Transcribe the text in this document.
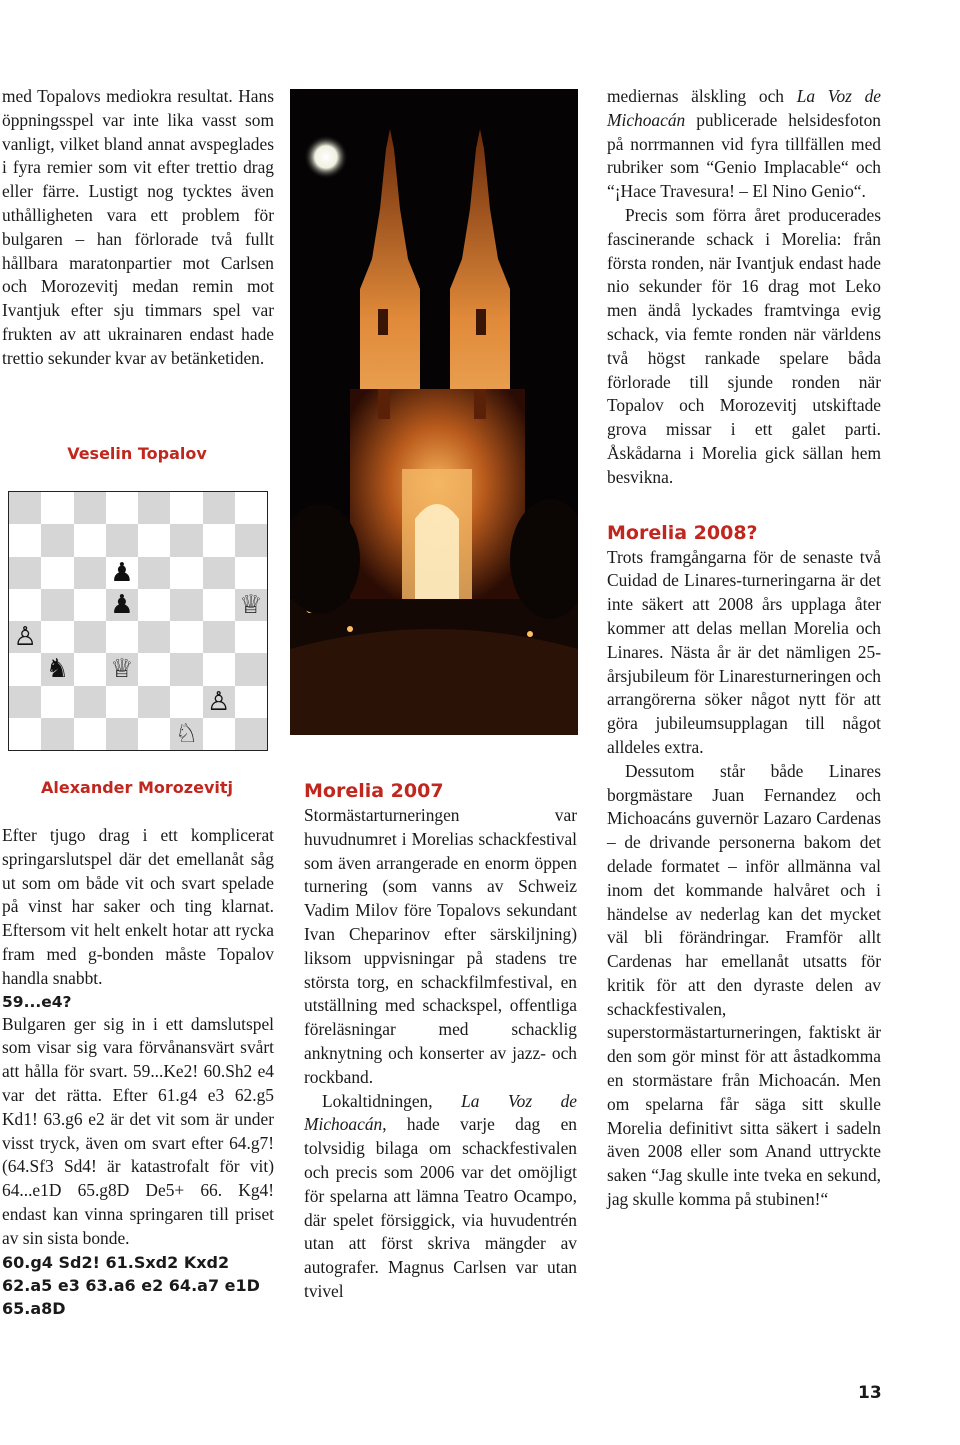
med Topalovs mediokra resultat. Hans öppningsspel var inte lika vasst som vanligt, vilket bland annat avspeglades i fyra remier som vit efter trettio drag eller färre. Lustigt nog tycktes även uthålligheten vara ett problem för bulgaren – han förlorade två fullt hållbara maratonpartier mot Carlsen och Morozevitj medan remin mot Ivantjuk efter sju timmars spel var frukten av att ukrainaren endast hade trettio sekunder kvar av betänketiden.

Veselin Topalov
♟
♟	♕
♙
♞ ♕
♙
♘
Alexander Morozevitj

Efter tjugo drag i ett komplicerat springarslutspel där det emellanåt såg ut som om både vit och svart spelade på vinst har saker och ting klarnat. Eftersom vit helt enkelt hotar att rycka fram med g-bonden måste Topalov handla snabbt.

59...e4?

Bulgaren ger sig in i ett damslutspel som visar sig vara förvånansvärt svårt att hålla för svart. 59...Ke2! 60.Sh2 e4 var det rätta. Efter 61.g4 e3 62.g5 Kd1! 63.g6 e2 är det vit som är under visst tryck, även om svart efter 64.g7! (64.Sf3 Sd4! är katastrofalt för vit) 64...e1D 65.g8D De5+ 66. Kg4! endast kan vinna springaren till priset av sin sista bonde.

60.g4 Sd2! 61.Sxd2 Kxd2 62.a5 e3 63.a6 e2 64.a7 e1D 65.a8D

Morelia 2007

Stormästarturneringen var huvudnumret i Morelias schackfestival som även arrangerade en enorm öppen turnering (som vanns av Schweiz Vadim Milov före Topalovs sekundant Ivan Cheparinov efter särskiljning) liksom uppvisningar på stadens tre största torg, en schackfilmfestival, en utställning med schackspel, offentliga föreläsningar med schacklig anknytning och konserter av jazz- och rockband.

Lokaltidningen, La Voz de Michoacán, hade varje dag en tolvsidig bilaga om schackfestivalen och precis som 2006 var det omöjligt för spelarna att lämna Teatro Ocampo, där spelet försiggick, via huvudentrén utan att först skriva mängder av autografer. Magnus Carlsen var utan tvivel

mediernas älskling och La Voz de Michoacán publicerade helsidesfoton på norrmannen vid fyra tillfällen med rubriker som “Genio Implacable“ och “¡Hace Travesura! – El Nino Genio“.

Precis som förra året producerades fascinerande schack i Morelia: från första ronden, när Ivantjuk endast hade nio sekunder för 16 drag mot Leko men ändå lyckades framtvinga evig schack, via femte ronden när världens två högst rankade spelare båda förlorade till sjunde ronden när Topalov och Morozevitj utskiftade grova missar i ett galet parti. Åskådarna i Morelia gick sällan hem besvikna.

Morelia 2008?

Trots framgångarna för de senaste två Cuidad de Linares-turneringarna är det inte säkert att 2008 års upplaga åter kommer att delas mellan Morelia och Linares. Nästa år är det nämligen 25-årsjubileum för Linaresturneringen och arrangörerna söker något nytt för att göra jubileumsupplagan till något alldeles extra.

Dessutom står både Linares borgmästare Juan Fernandez och Michoacáns guvernör Lazaro Cardenas – de drivande personerna bakom det delade formatet – inför allmänna val inom det kommande halvåret och i händelse av nederlag kan det mycket väl bli förändringar. Framför allt Cardenas har emellanåt utsatts för kritik för att den dyraste delen av schackfestivalen, superstormästarturneringen, faktiskt är den som gör minst för att åstadkomma en stormästare från Michoacán. Men om spelarna får säga sitt skulle Morelia definitivt sitta säkert i sadeln även 2008 eller som Anand uttryckte saken “Jag skulle inte tveka en sekund, jag skulle komma på stubinen!“

13
